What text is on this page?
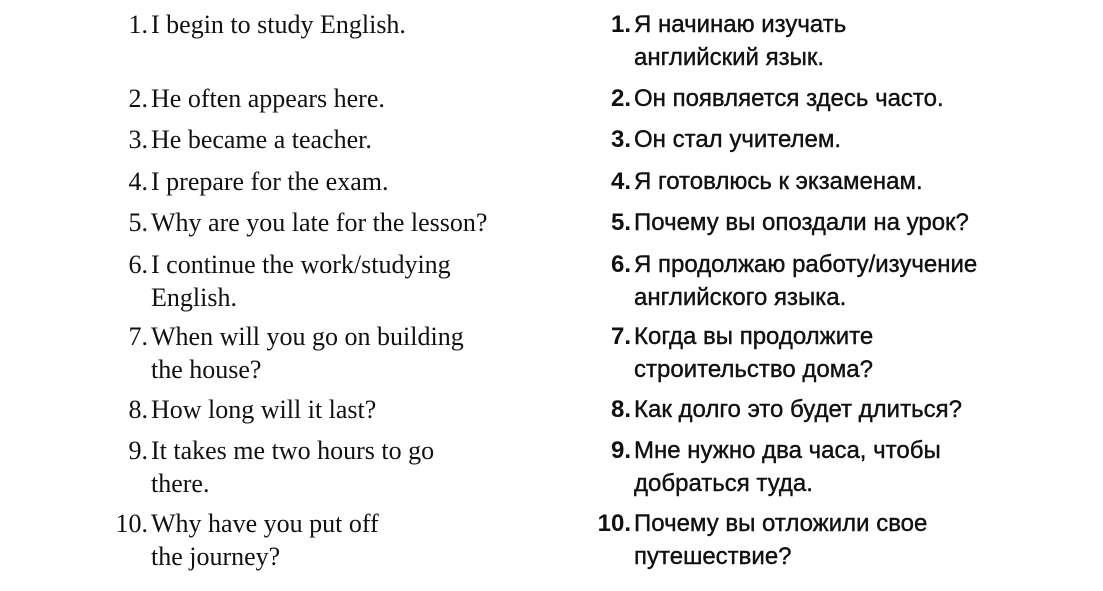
1. I begin to study English.
2. He often appears here.
3. He became a teacher.
4. I prepare for the exam.
5. Why are you late for the lesson?
6. I continue the work/studying
English.
7. When will you go on building
the house?
8. How long will it last?
9. It takes me two hours to go
there.
10. Why have you put off
the journey?
1. Я начинаю изучать
английский язык.
2. Он появляется здесь часто.
3. Он стал учителем.
4. Я готовлюсь к экзаменам.
5. Почему вы опоздали на урок?
6. Я продолжаю работу/изучение
английского языка.
7. Когда вы продолжите
строительство дома?
8. Как долго это будет длиться?
9. Мне нужно два часа, чтобы
добраться туда.
10. Почему вы отложили свое
путешествие?
